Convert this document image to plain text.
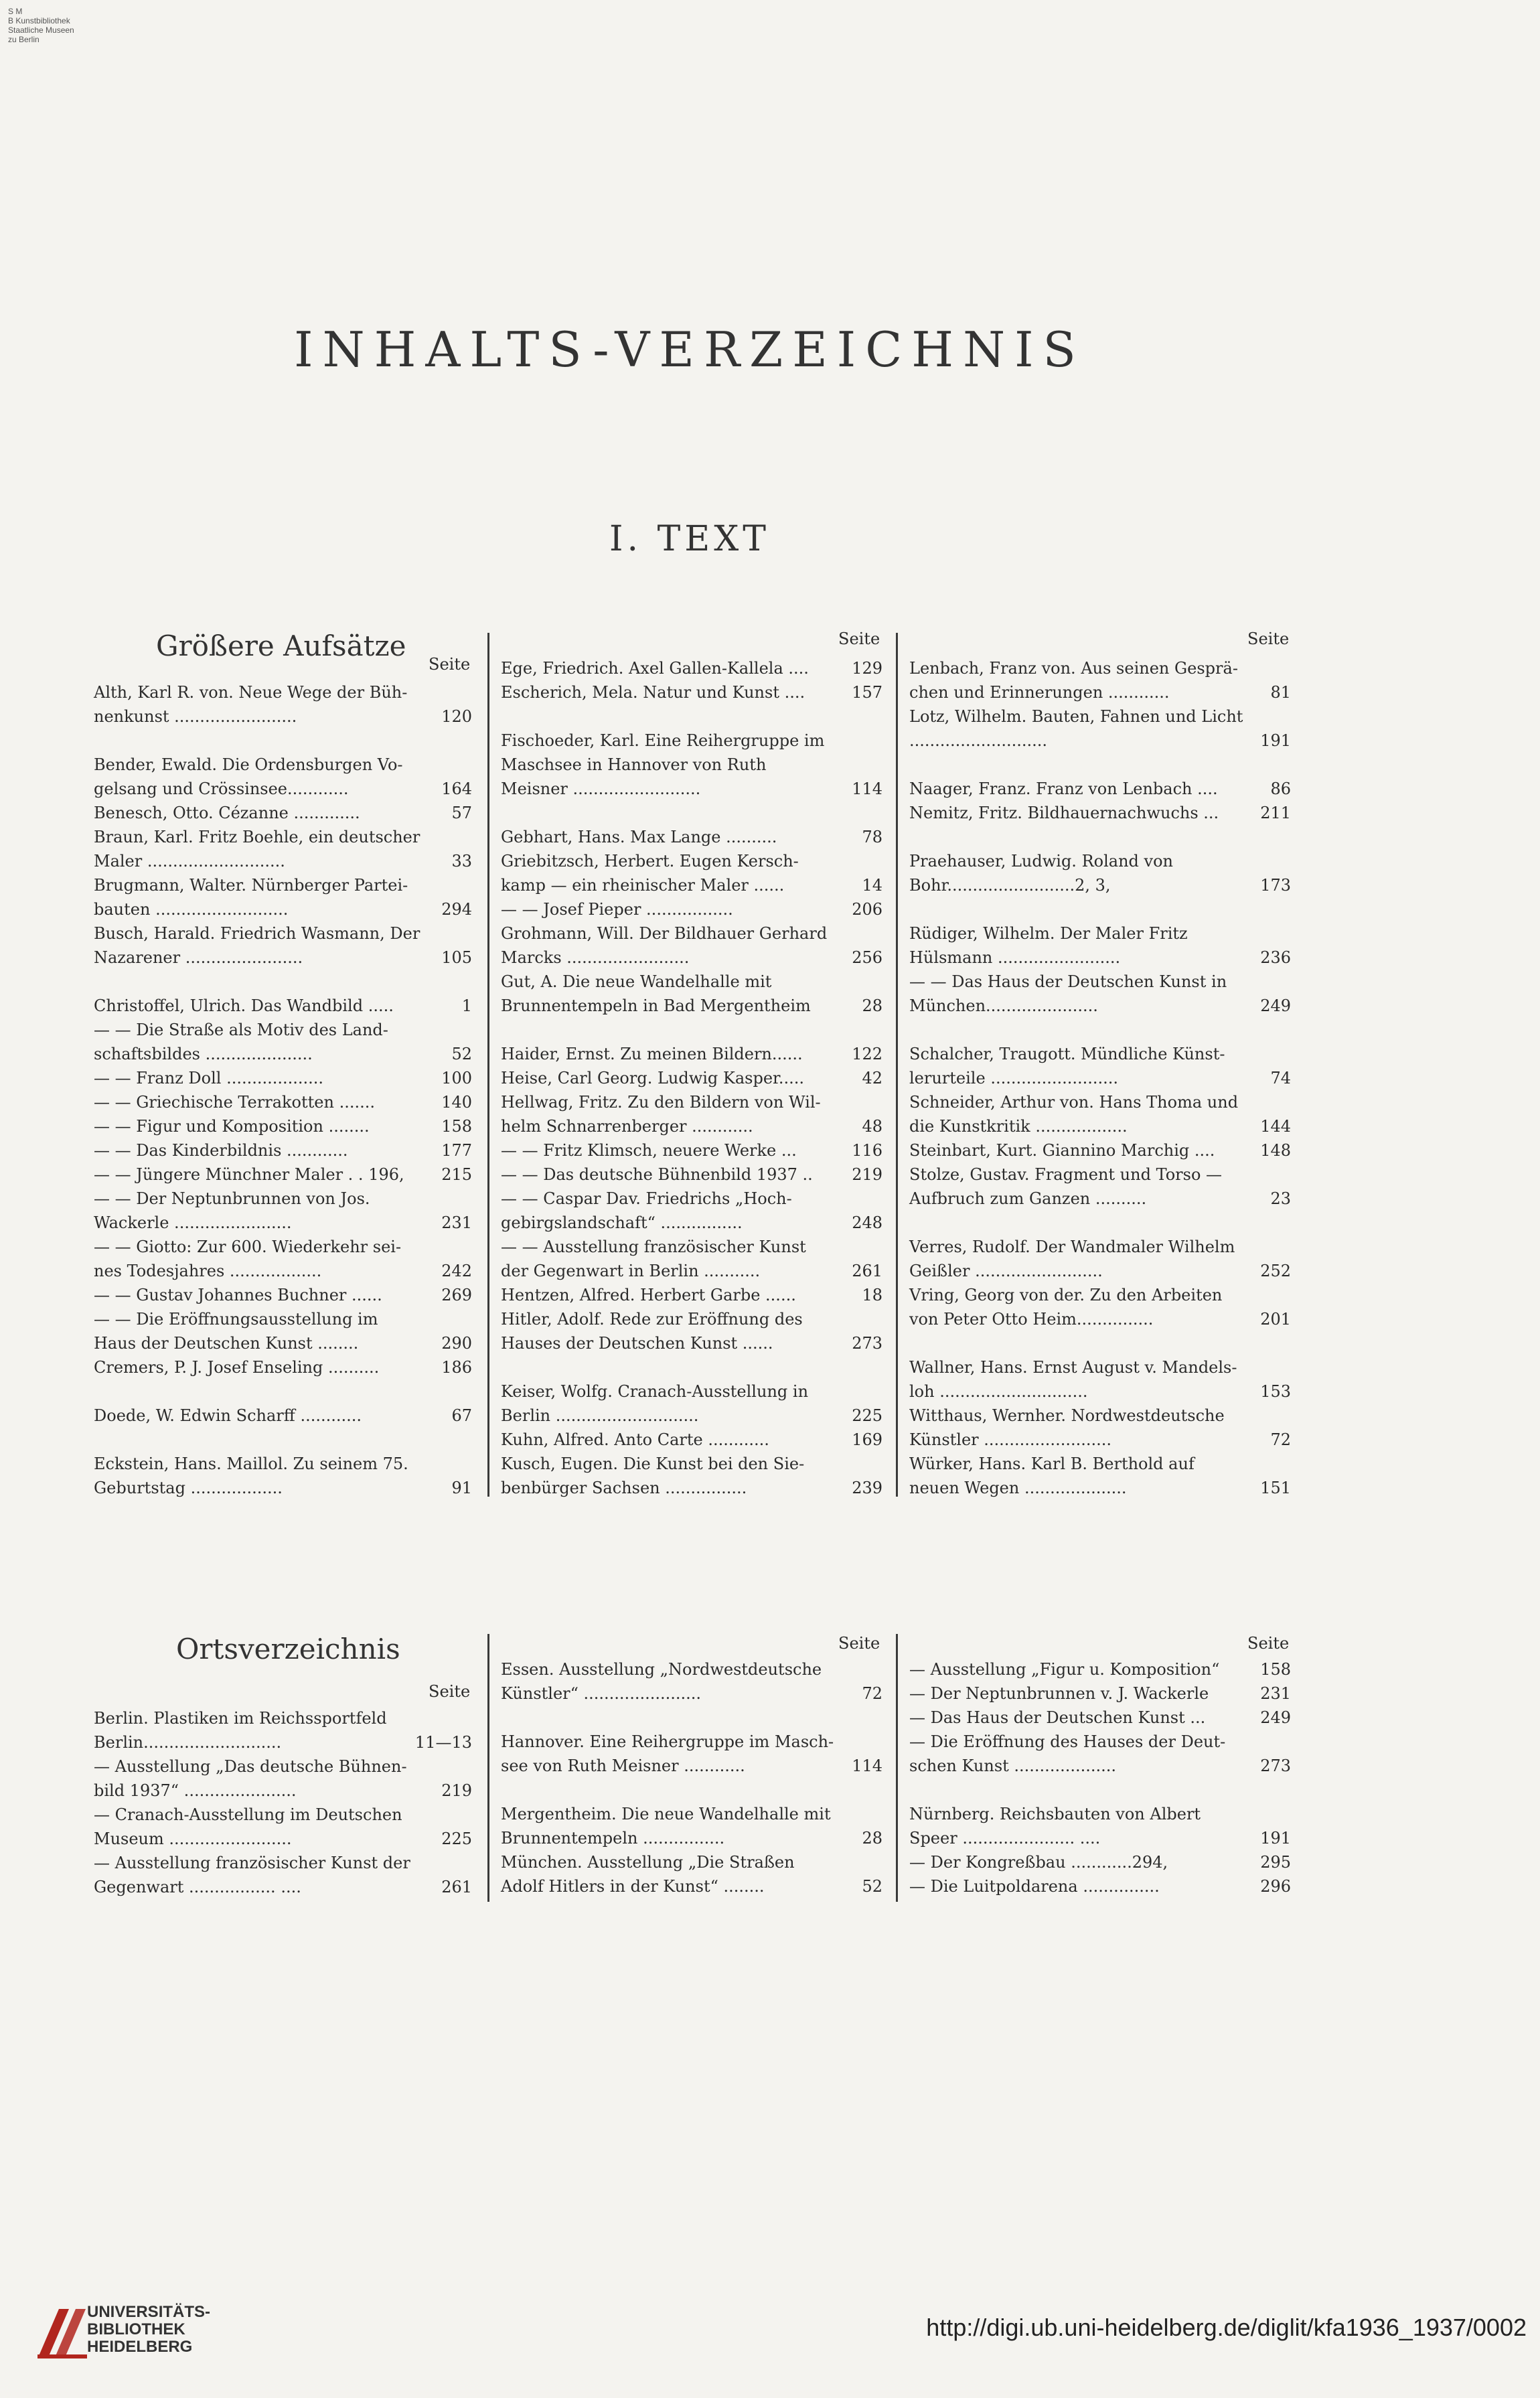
S M
B Kunstbibliothek
Staatliche Museen
zu Berlin
INHALTS-VERZEICHNIS
I. TEXT
Größere Aufsätze
Seite
Seite	Seite
Alth, Karl R. von. Neue Wege der Büh- nenkunst ........................	120
Bender, Ewald. Die Ordensburgen Vo- gelsang und Crössinsee............	164
Benesch, Otto. Cézanne .............	57
Braun, Karl. Fritz Boehle, ein deutscher Maler ...........................	33
Brugmann, Walter. Nürnberger Partei- bauten ..........................	294
Busch, Harald. Friedrich Wasmann, Der Nazarener .......................	105
Christoffel, Ulrich. Das Wandbild .....	1
— — Die Straße als Motiv des Land- schaftsbildes .....................	52
— — Franz Doll ...................	100
— — Griechische Terrakotten .......	140
— — Figur und Komposition ........	158
— — Das Kinderbildnis ............	177
— — Jüngere Münchner Maler . . 196,	215
— — Der Neptunbrunnen von Jos. Wackerle .......................	231
— — Giotto: Zur 600. Wiederkehr sei- nes Todesjahres ..................	242
— — Gustav Johannes Buchner ......	269
— — Die Eröffnungsausstellung im Haus der Deutschen Kunst ........	290
Cremers, P. J. Josef Enseling ..........	186
Doede, W. Edwin Scharff ............	67
Eckstein, Hans. Maillol. Zu seinem 75. Geburtstag ..................	91
Ege, Friedrich. Axel Gallen-Kallela ....	129
Escherich, Mela. Natur und Kunst ....	157
Fischoeder, Karl. Eine Reihergruppe im Maschsee in Hannover von Ruth Meisner .........................	114
Gebhart, Hans. Max Lange ..........	78
Griebitzsch, Herbert. Eugen Kersch- kamp — ein rheinischer Maler ......	14
— — Josef Pieper .................	206
Grohmann, Will. Der Bildhauer Gerhard Marcks ........................	256
Gut, A. Die neue Wandelhalle mit Brunnentempeln in Bad Mergentheim	28
Haider, Ernst. Zu meinen Bildern......	122
Heise, Carl Georg. Ludwig Kasper.....	42
Hellwag, Fritz. Zu den Bildern von Wil- helm Schnarrenberger ............	48
— — Fritz Klimsch, neuere Werke ...	116
— — Das deutsche Bühnenbild 1937 ..	219
— — Caspar Dav. Friedrichs „Hoch- gebirgslandschaft“ ................	248
— — Ausstellung französischer Kunst der Gegenwart in Berlin ...........	261
Hentzen, Alfred. Herbert Garbe ......	18
Hitler, Adolf. Rede zur Eröffnung des Hauses der Deutschen Kunst ......	273
Keiser, Wolfg. Cranach-Ausstellung in Berlin ............................	225
Kuhn, Alfred. Anto Carte ............	169
Kusch, Eugen. Die Kunst bei den Sie- benbürger Sachsen ................	239
Lenbach, Franz von. Aus seinen Gesprä- chen und Erinnerungen ............	81
Lotz, Wilhelm. Bauten, Fahnen und Licht ...........................	191
Naager, Franz. Franz von Lenbach ....	86
Nemitz, Fritz. Bildhauernachwuchs ...	211
Praehauser, Ludwig. Roland von Bohr.........................2, 3,	173
Rüdiger, Wilhelm. Der Maler Fritz Hülsmann ........................	236
— — Das Haus der Deutschen Kunst in München......................	249
Schalcher, Traugott. Mündliche Künst- lerurteile .........................	74
Schneider, Arthur von. Hans Thoma und die Kunstkritik ..................	144
Steinbart, Kurt. Giannino Marchig ....	148
Stolze, Gustav. Fragment und Torso — Aufbruch zum Ganzen ..........	23
Verres, Rudolf. Der Wandmaler Wilhelm Geißler .........................	252
Vring, Georg von der. Zu den Arbeiten von Peter Otto Heim...............	201
Wallner, Hans. Ernst August v. Mandels- loh .............................	153
Witthaus, Wernher. Nordwestdeutsche Künstler .........................	72
Würker, Hans. Karl B. Berthold auf neuen Wegen ....................	151
Ortsverzeichnis
Seite
Seite	Seite
Berlin. Plastiken im Reichssportfeld Berlin...........................	11—13
— Ausstellung „Das deutsche Bühnen- bild 1937“ ......................	219
— Cranach-Ausstellung im Deutschen Museum ........................	225
— Ausstellung französischer Kunst der Gegenwart ................. ....	261
Essen. Ausstellung „Nordwestdeutsche Künstler“ .......................	72
Hannover. Eine Reihergruppe im Masch- see von Ruth Meisner ............	114
Mergentheim. Die neue Wandelhalle mit Brunnentempeln ................	28
München. Ausstellung „Die Straßen Adolf Hitlers in der Kunst“ ........	52
— Ausstellung „Figur u. Komposition“	158
— Der Neptunbrunnen v. J. Wackerle	231
— Das Haus der Deutschen Kunst ...	249
— Die Eröffnung des Hauses der Deut- schen Kunst ....................	273
Nürnberg. Reichsbauten von Albert Speer ...................... ....	191
— Der Kongreßbau ............294,	295
— Die Luitpoldarena ...............	296
UNIVERSITÄTS-
BIBLIOTHEK
HEIDELBERG
http://digi.ub.uni-heidelberg.de/diglit/kfa1936_1937/0002
